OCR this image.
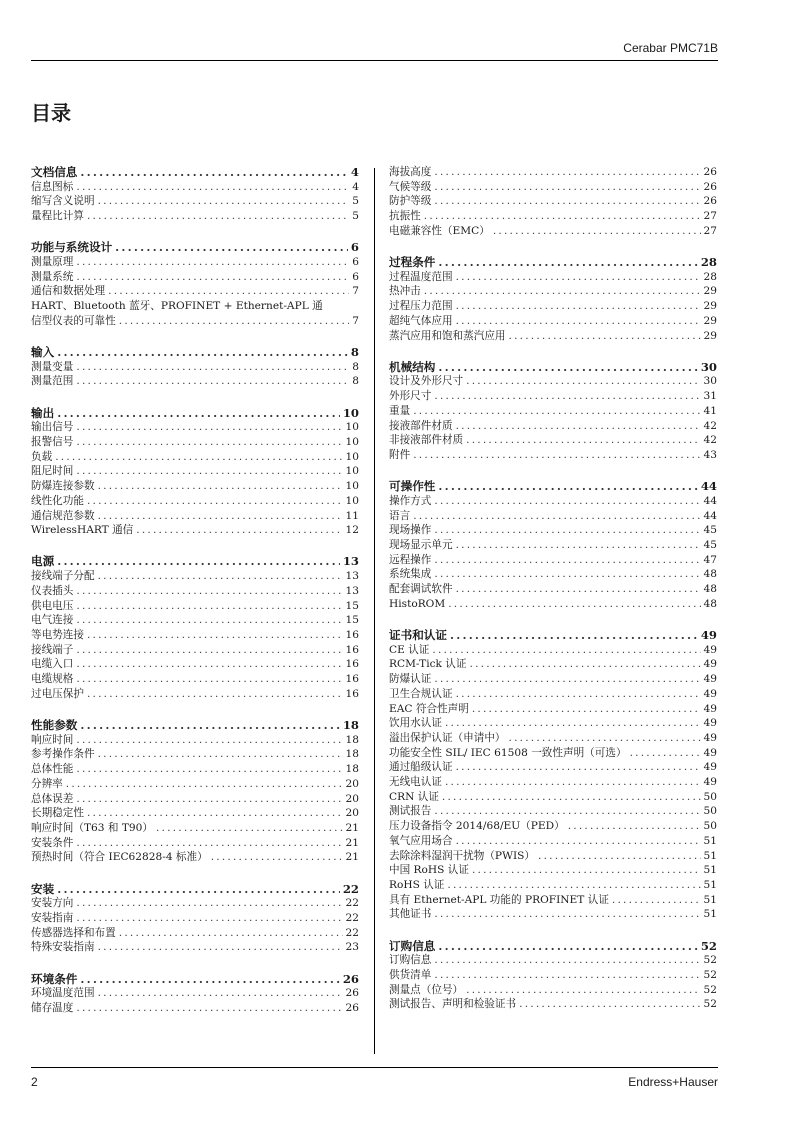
Cerabar PMC71B
目录
文档信息 .....	4
信息图标 .....	4
缩写含义说明 .....	5
量程比计算 .....	5
功能与系统设计 .....	6
测量原理 .....	6
测量系统 .....	6
通信和数据处理 .....	7
HART、Bluetooth 蓝牙、PROFINET + Ethernet-APL 通
信型仪表的可靠性 .....	7
输入 .....	8
测量变量 .....	8
测量范围 .....	8
输出 .....	10
输出信号 .....	10
报警信号 .....	10
负载 .....	10
阻尼时间 .....	10
防爆连接参数 .....	10
线性化功能 .....	10
通信规范参数 .....	11
WirelessHART 通信 .....	12
电源 .....	13
接线端子分配 .....	13
仪表插头 .....	13
供电电压 .....	15
电气连接 .....	15
等电势连接 .....	16
接线端子 .....	16
电缆入口 .....	16
电缆规格 .....	16
过电压保护 .....	16
性能参数 .....	18
响应时间 .....	18
参考操作条件 .....	18
总体性能 .....	18
分辨率 .....	20
总体误差 .....	20
长期稳定性 .....	20
响应时间（T63 和 T90） .....	21
安装条件 .....	21
预热时间（符合 IEC62828-4 标准） .....	21
安装 .....	22
安装方向 .....	22
安装指南 .....	22
传感器选择和布置 .....	22
特殊安装指南 .....	23
环境条件 .....	26
环境温度范围 .....	26
储存温度 .....	26
海拔高度 .....	26
气候等级 .....	26
防护等级 .....	26
抗振性 .....	27
电磁兼容性（EMC） .....	27
过程条件 .....	28
过程温度范围 .....	28
热冲击 .....	29
过程压力范围 .....	29
超纯气体应用 .....	29
蒸汽应用和饱和蒸汽应用 .....	29
机械结构 .....	30
设计及外形尺寸 .....	30
外形尺寸 .....	31
重量 .....	41
接液部件材质 .....	42
非接液部件材质 .....	42
附件 .....	43
可操作性 .....	44
操作方式 .....	44
语言 .....	44
现场操作 .....	45
现场显示单元 .....	45
远程操作 .....	47
系统集成 .....	48
配套调试软件 .....	48
HistoROM .....	48
证书和认证 .....	49
CE 认证 .....	49
RCM-Tick 认证 .....	49
防爆认证 .....	49
卫生合规认证 .....	49
EAC 符合性声明 .....	49
饮用水认证 .....	49
溢出保护认证（申请中） .....	49
功能安全性 SIL/ IEC 61508 一致性声明（可选） .....	49
通过船级认证 .....	49
无线电认证 .....	49
CRN 认证 .....	50
测试报告 .....	50
压力设备指令 2014/68/EU（PED） .....	50
氧气应用场合 .....	51
去除涂料湿润干扰物（PWIS） .....	51
中国 RoHS 认证 .....	51
RoHS 认证 .....	51
具有 Ethernet-APL 功能的 PROFINET 认证 .....	51
其他证书 .....	51
订购信息 .....	52
订购信息 .....	52
供货清单 .....	52
测量点（位号） .....	52
测试报告、声明和检验证书 .....	52
2	Endress+Hauser
